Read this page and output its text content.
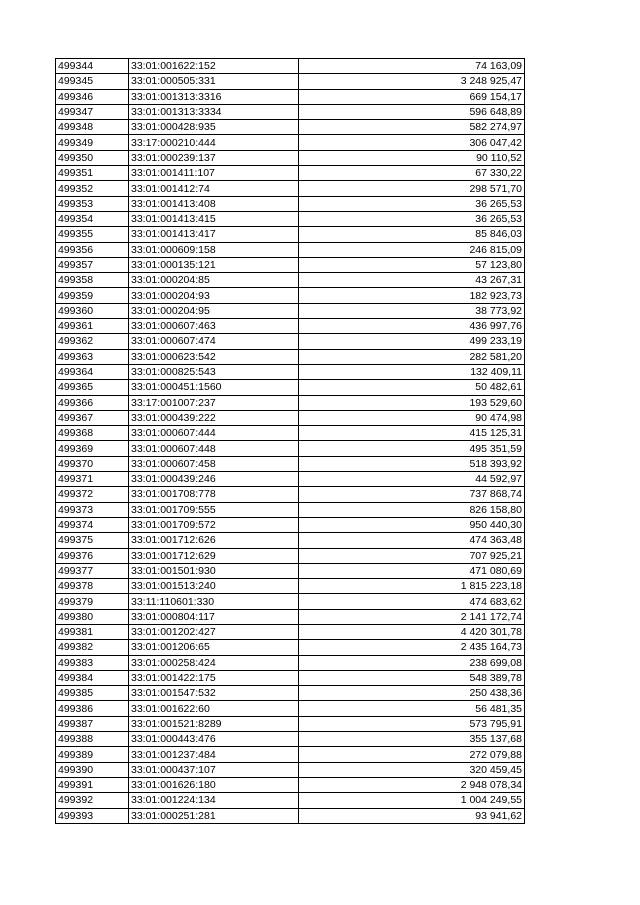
499344	33:01:001622:152	74 163,09
499345	33:01:000505:331	3 248 925,47
499346	33:01:001313:3316	669 154,17
499347	33:01:001313:3334	596 648,89
499348	33:01:000428:935	582 274,97
499349	33:17:000210:444	306 047,42
499350	33:01:000239:137	90 110,52
499351	33:01:001411:107	67 330,22
499352	33:01:001412:74	298 571,70
499353	33:01:001413:408	36 265,53
499354	33:01:001413:415	36 265,53
499355	33:01:001413:417	85 846,03
499356	33:01:000609:158	246 815,09
499357	33:01:000135:121	57 123,80
499358	33:01:000204:85	43 267,31
499359	33:01:000204:93	182 923,73
499360	33:01:000204:95	38 773,92
499361	33:01:000607:463	436 997,76
499362	33:01:000607:474	499 233,19
499363	33:01:000623:542	282 581,20
499364	33:01:000825:543	132 409,11
499365	33:01:000451:1560	50 482,61
499366	33:17:001007:237	193 529,60
499367	33:01:000439:222	90 474,98
499368	33:01:000607:444	415 125,31
499369	33:01:000607:448	495 351,59
499370	33:01:000607:458	518 393,92
499371	33:01:000439:246	44 592,97
499372	33:01:001708:778	737 868,74
499373	33:01:001709:555	826 158,80
499374	33:01:001709:572	950 440,30
499375	33:01:001712:626	474 363,48
499376	33:01:001712:629	707 925,21
499377	33:01:001501:930	471 080,69
499378	33:01:001513:240	1 815 223,18
499379	33:11:110601:330	474 683,62
499380	33:01:000804:117	2 141 172,74
499381	33:01:001202:427	4 420 301,78
499382	33:01:001206:65	2 435 164,73
499383	33:01:000258:424	238 699,08
499384	33:01:001422:175	548 389,78
499385	33:01:001547:532	250 438,36
499386	33:01:001622:60	56 481,35
499387	33:01:001521:8289	573 795,91
499388	33:01:000443:476	355 137,68
499389	33:01:001237:484	272 079,88
499390	33:01:000437:107	320 459,45
499391	33:01:001626:180	2 948 078,34
499392	33:01:001224:134	1 004 249,55
499393	33:01:000251:281	93 941,62
